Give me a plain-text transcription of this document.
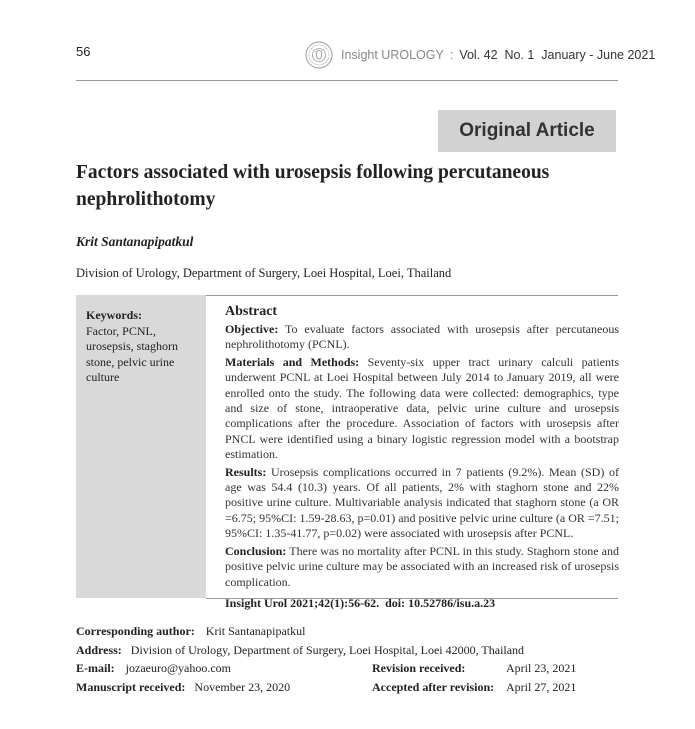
56	Insight UROLOGY : Vol. 42  No. 1  January - June 2021
Original Article
Factors associated with urosepsis following percutaneous nephrolithotomy
Krit Santanapipatkul
Division of Urology, Department of Surgery, Loei Hospital, Loei, Thailand
Keywords:
Factor, PCNL, urosepsis, staghorn stone, pelvic urine culture
Abstract

Objective: To evaluate factors associated with urosepsis after percutaneous nephrolithotomy (PCNL).

Materials and Methods: Seventy-six upper tract urinary calculi patients underwent PCNL at Loei Hospital between July 2014 to January 2019, all were enrolled onto the study. The following data were collected: demographics, type and size of stone, intraoperative data, pelvic urine culture and urosepsis complications after the procedure. Association of factors with urosepsis after PNCL were identified using a binary logistic regression model with a bootstrap estimation.

Results: Urosepsis complications occurred in 7 patients (9.2%). Mean (SD) of age was 54.4 (10.3) years. Of all patients, 2% with staghorn stone and 22% positive urine culture. Multivariable analysis indicated that staghorn stone (a OR =6.75; 95%CI: 1.59-28.63, p=0.01) and positive pelvic urine culture (a OR =7.51; 95%CI: 1.35-41.77, p=0.02) were associated with urosepsis after PCNL.

Conclusion: There was no mortality after PCNL in this study. Staghorn stone and positive pelvic urine culture may be associated with an increased risk of urosepsis complication.

Insight Urol 2021;42(1):56-62.  doi: 10.52786/isu.a.23

Corresponding author: Krit Santanapipatkul
Address: Division of Urology, Department of Surgery, Loei Hospital, Loei 42000, Thailand
E-mail: jozaeuro@yahoo.com	Revision received:	April 23, 2021
Manuscript received: November 23, 2020	Accepted after revision: April 27, 2021
